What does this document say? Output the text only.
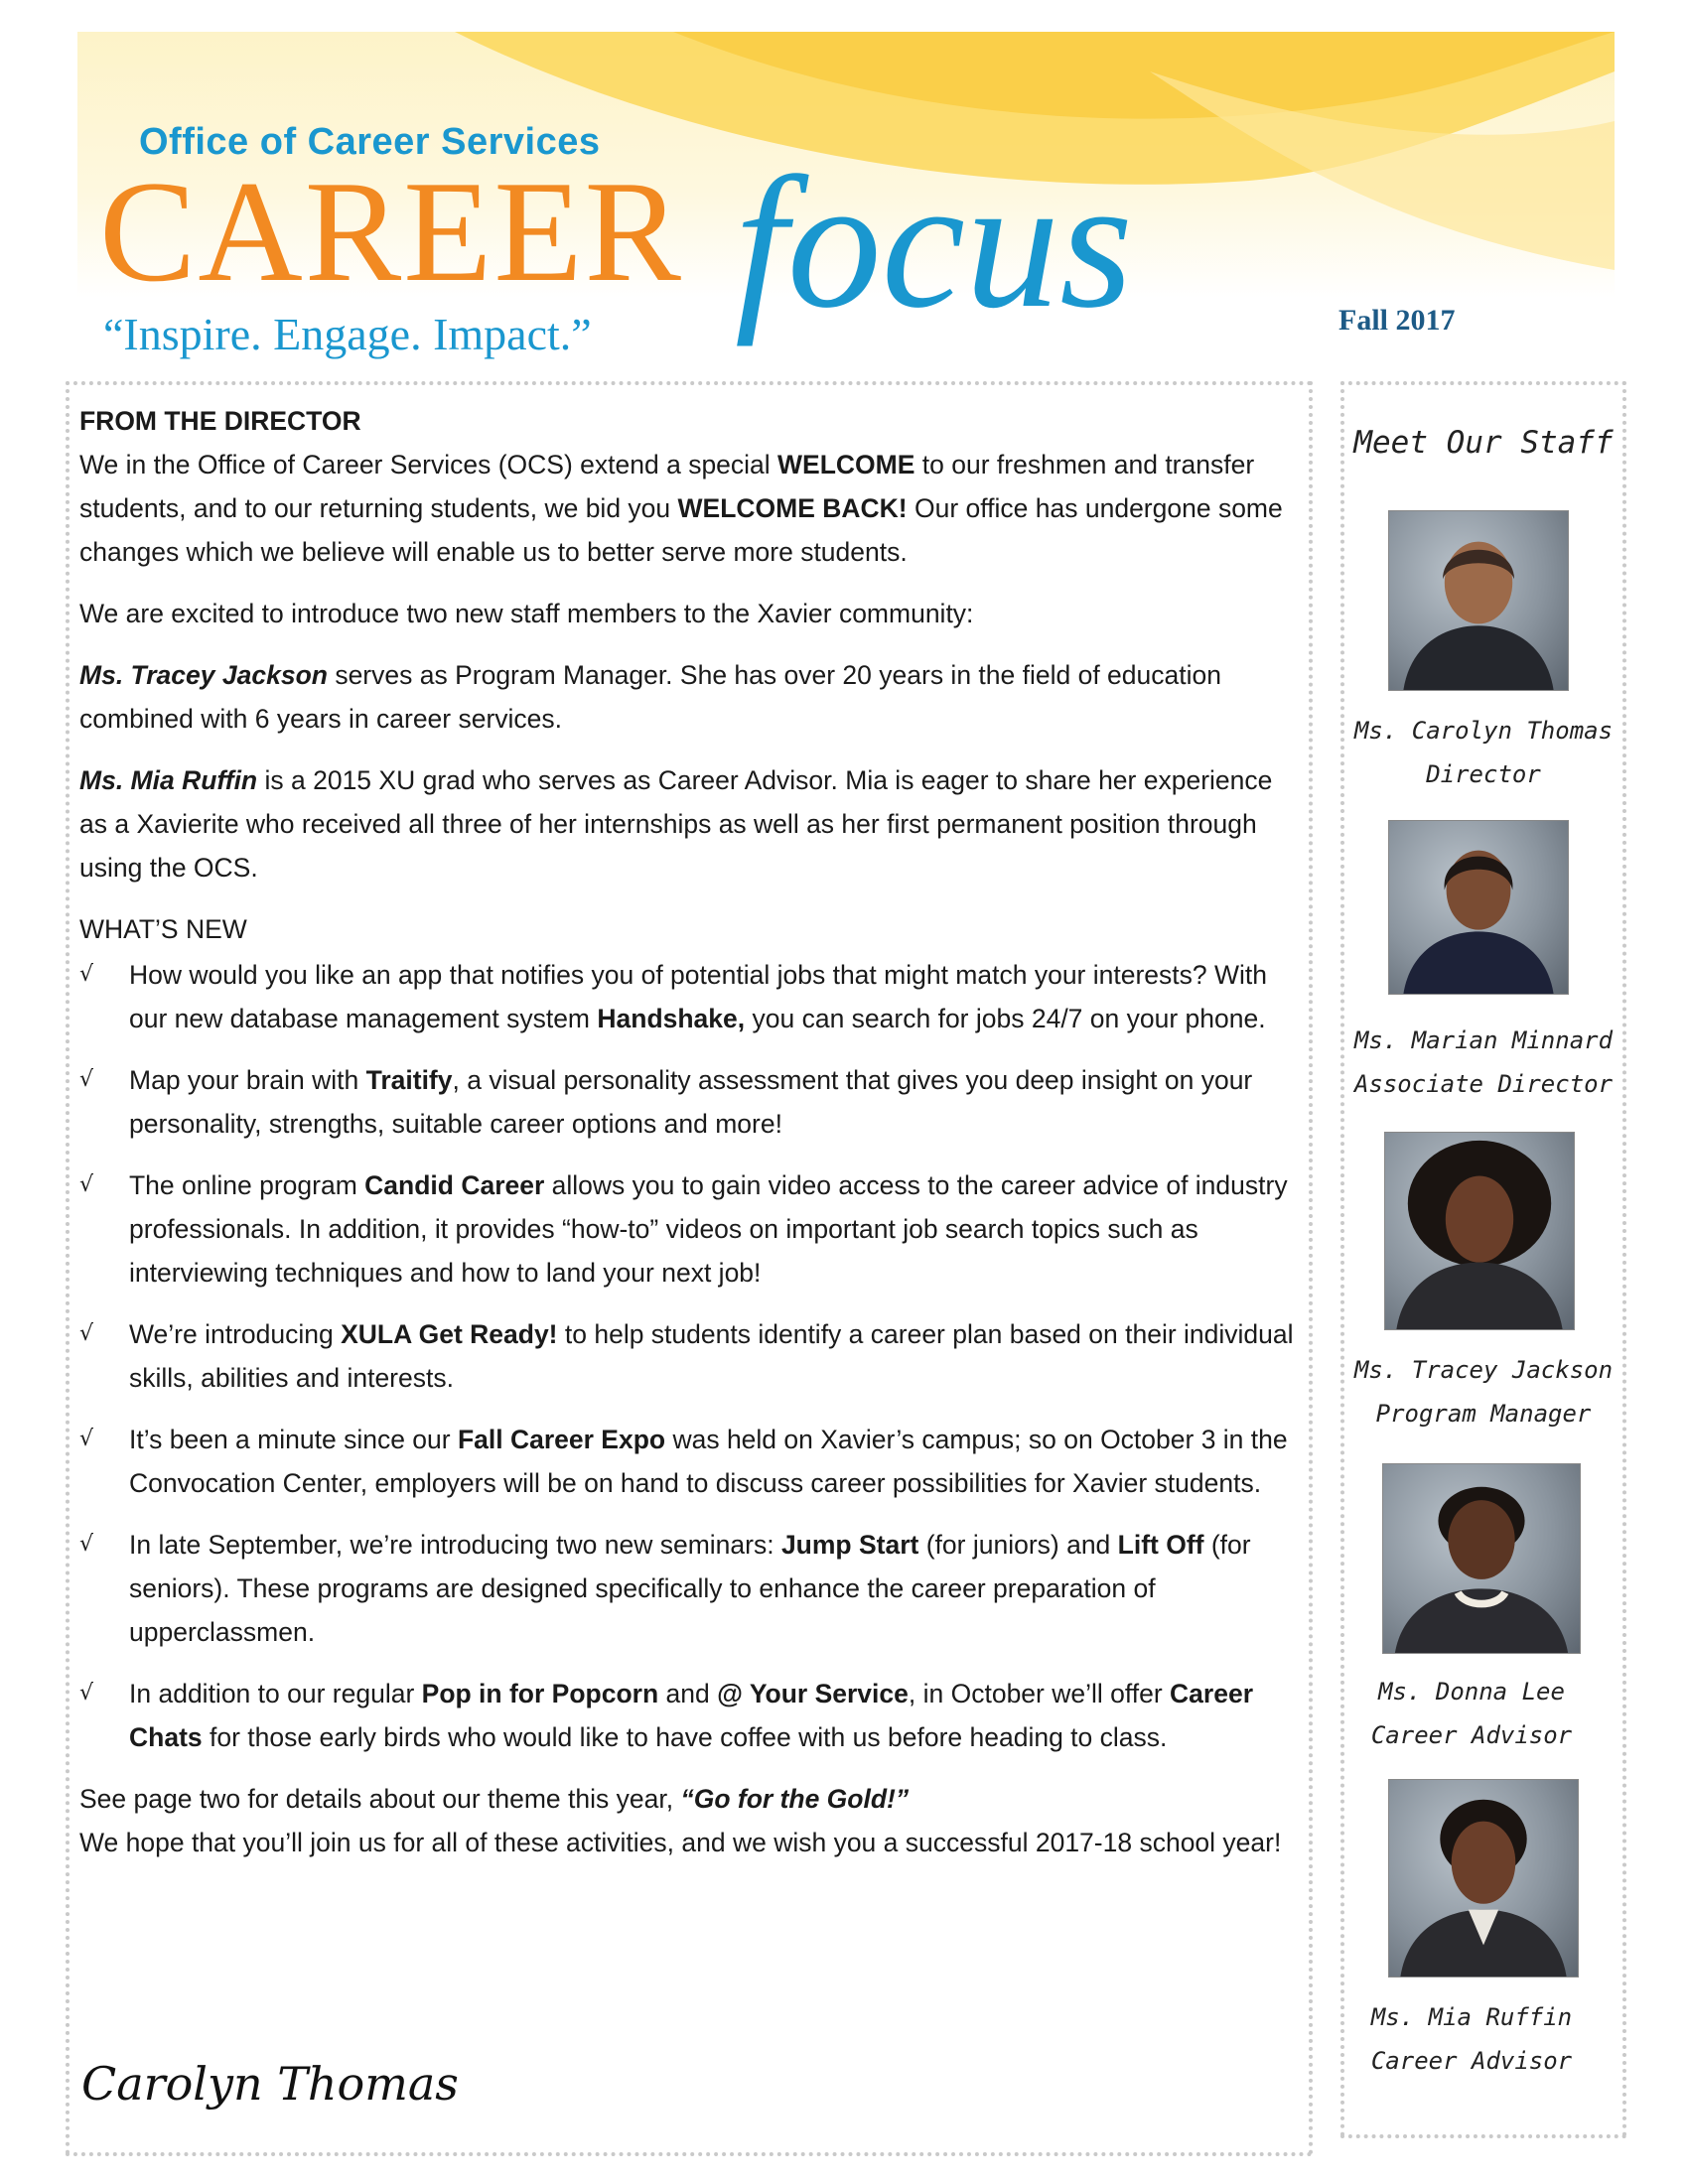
Office of Career Services
CAREER focus
“Inspire. Engage. Impact.”	Fall 2017

FROM THE DIRECTOR

We in the Office of Career Services (OCS) extend a special WELCOME to our freshmen and transfer students, and to our returning students, we bid you WELCOME BACK! Our office has undergone some changes which we believe will enable us to better serve more students.

We are excited to introduce two new staff members to the Xavier community:

Ms. Tracey Jackson serves as Program Manager. She has over 20 years in the field of education combined with 6 years in career services.

Ms. Mia Ruffin is a 2015 XU grad who serves as Career Advisor. Mia is eager to share her experience as a Xavierite who received all three of her internships as well as her first permanent position through using the OCS.

WHAT’S NEW

√	How would you like an app that notifies you of potential jobs that might match your interests? With our new database management system Handshake, you can search for jobs 24/7 on your phone.
√	Map your brain with Traitify, a visual personality assessment that gives you deep insight on your personality, strengths, suitable career options and more!
√	The online program Candid Career allows you to gain video access to the career advice of industry professionals. In addition, it provides “how-to” videos on important job search topics such as interviewing techniques and how to land your next job!
√	We’re introducing XULA Get Ready! to help students identify a career plan based on their individual skills, abilities and interests.
√	It’s been a minute since our Fall Career Expo was held on Xavier’s campus; so on October 3 in the Convocation Center, employers will be on hand to discuss career possibilities for Xavier students.
√	In late September, we’re introducing two new seminars: Jump Start (for juniors) and Lift Off (for seniors). These programs are designed specifically to enhance the career preparation of upperclassmen.
√	In addition to our regular Pop in for Popcorn and @ Your Service, in October we’ll offer Career Chats for those early birds who would like to have coffee with us before heading to class.

See page two for details about our theme this year, “Go for the Gold!”

We hope that you’ll join us for all of these activities, and we wish you a successful 2017-18 school year!

Carolyn Thomas
Meet Our Staff
Ms. Carolyn Thomas
Director
Ms. Marian Minnard
Associate Director
Ms. Tracey Jackson
Program Manager
Ms. Donna Lee
Career Advisor
Ms. Mia Ruffin
Career Advisor
